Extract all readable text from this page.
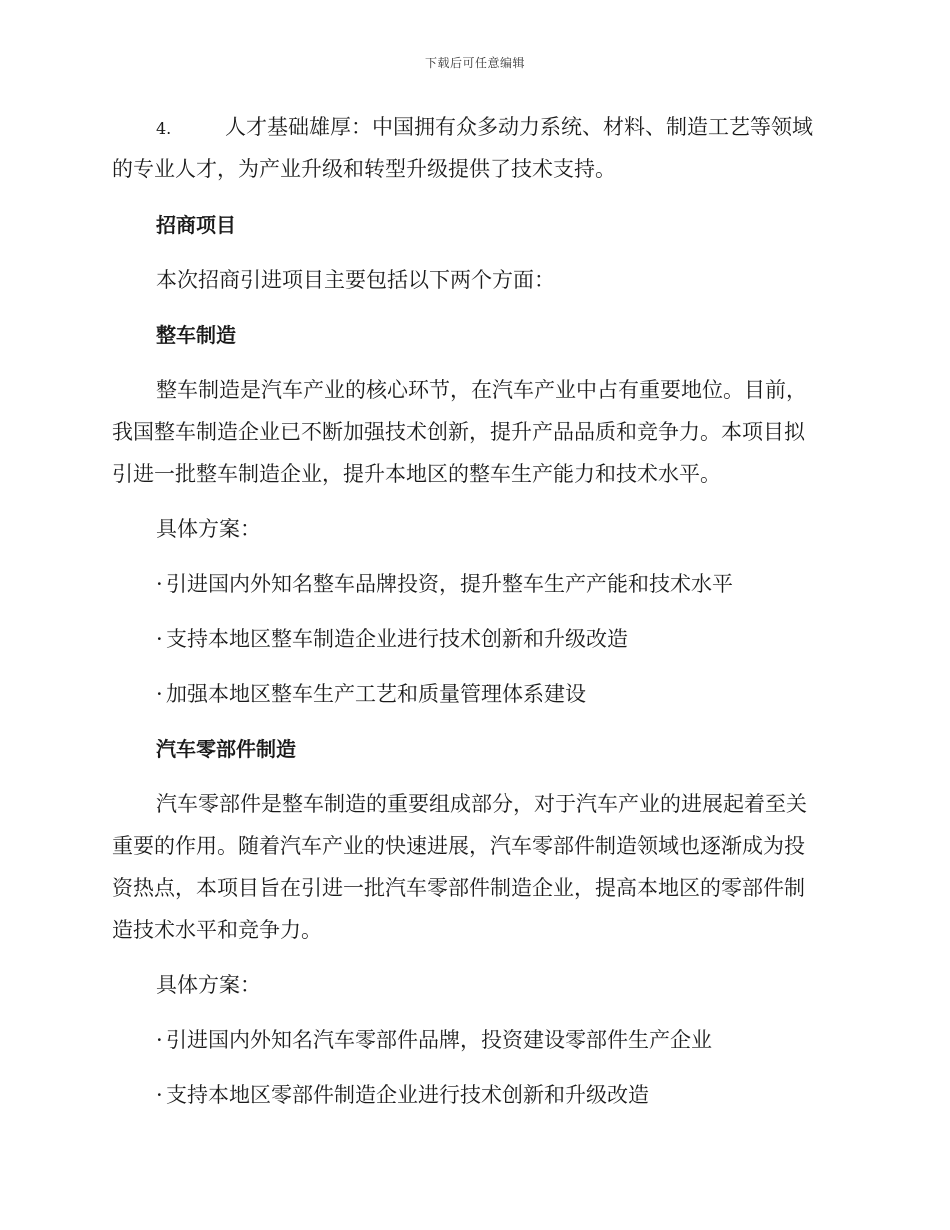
下载后可任意编辑
4.	人才基础雄厚：中国拥有众多动力系统、材料、制造工艺等领域
的专业人才，为产业升级和转型升级提供了技术支持。
招商项目
本次招商引进项目主要包括以下两个方面：
整车制造
整车制造是汽车产业的核心环节，在汽车产业中占有重要地位。目前，
我国整车制造企业已不断加强技术创新，提升产品品质和竞争力。本项目拟
引进一批整车制造企业，提升本地区的整车生产能力和技术水平。
具体方案：
· 引进国内外知名整车品牌投资，提升整车生产产能和技术水平
· 支持本地区整车制造企业进行技术创新和升级改造
· 加强本地区整车生产工艺和质量管理体系建设
汽车零部件制造
汽车零部件是整车制造的重要组成部分，对于汽车产业的进展起着至关
重要的作用。随着汽车产业的快速进展，汽车零部件制造领域也逐渐成为投
资热点，本项目旨在引进一批汽车零部件制造企业，提高本地区的零部件制
造技术水平和竞争力。
具体方案：
· 引进国内外知名汽车零部件品牌，投资建设零部件生产企业
· 支持本地区零部件制造企业进行技术创新和升级改造
